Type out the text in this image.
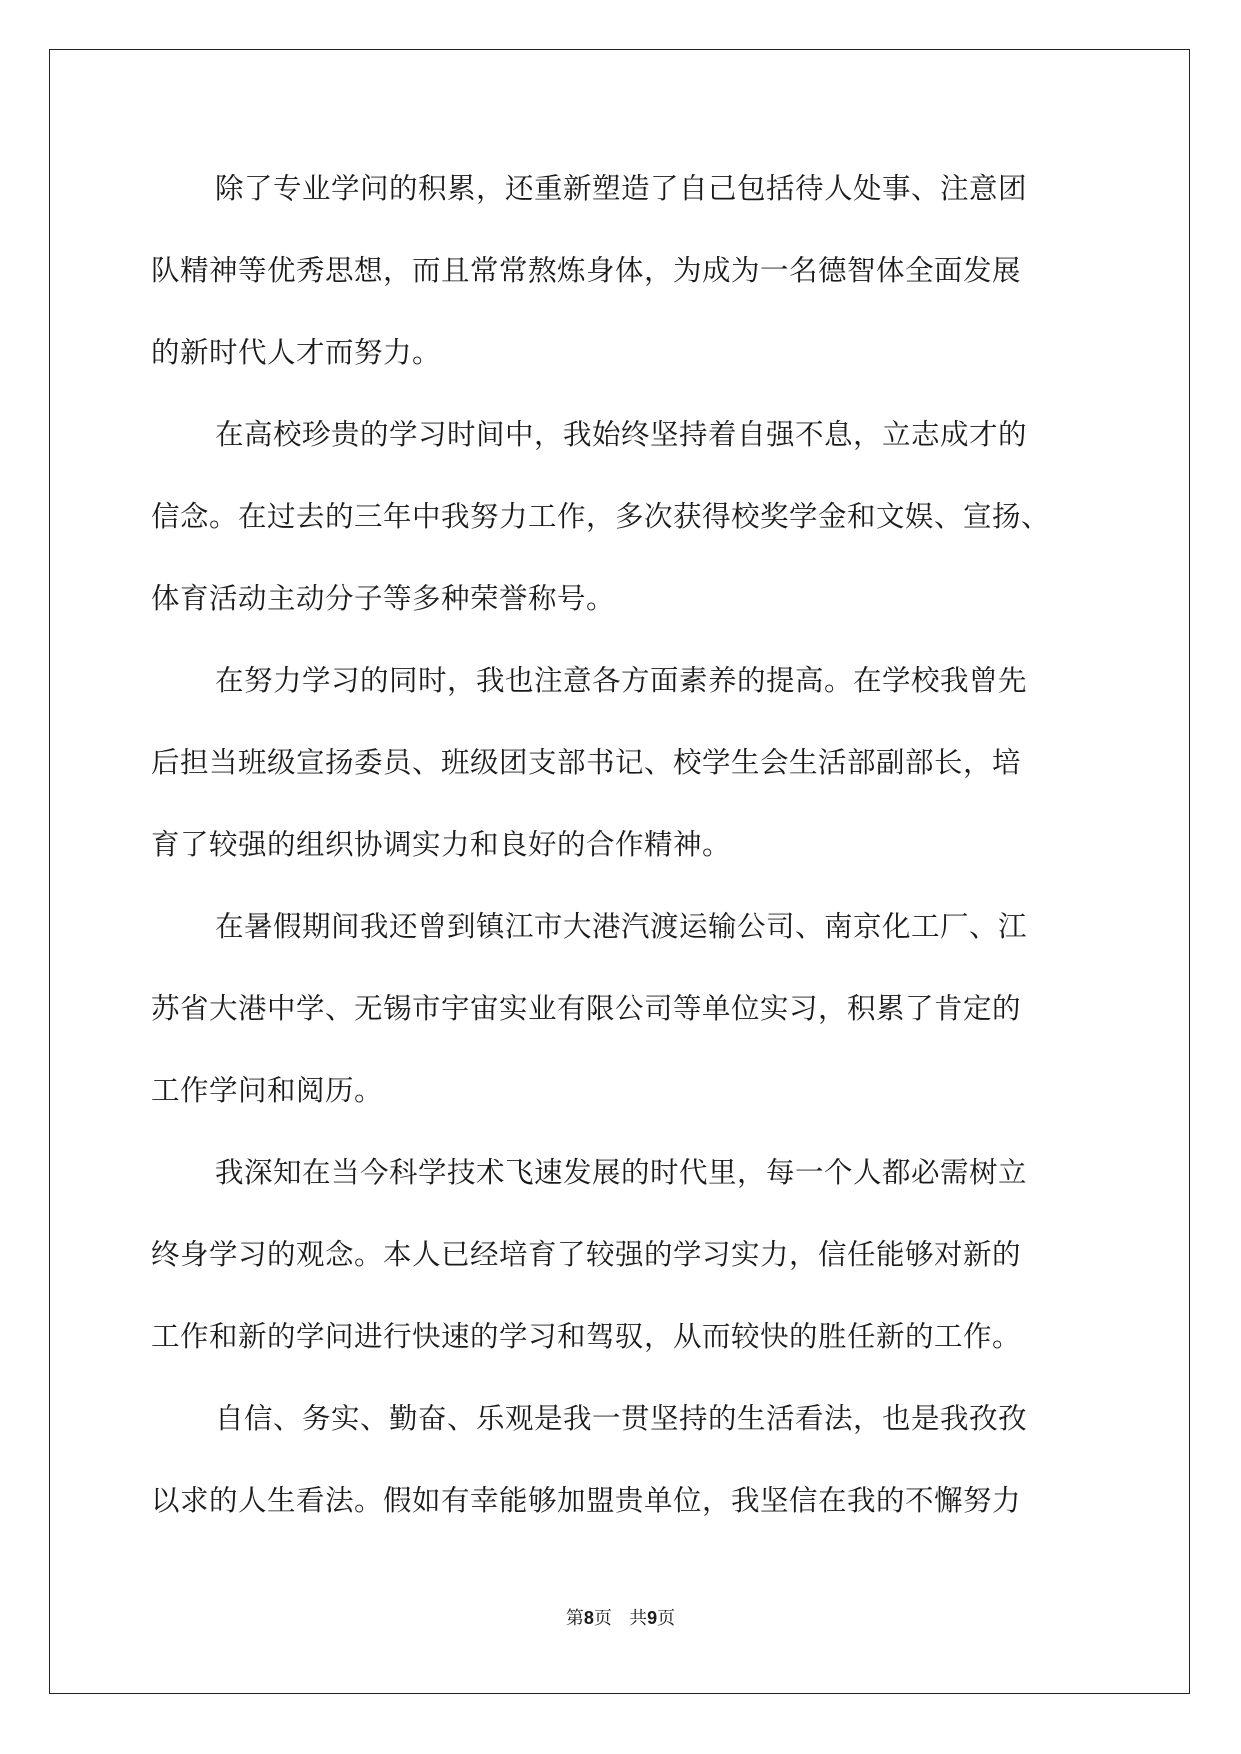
除了专业学问的积累，还重新塑造了自己包括待人处事、注意团
队精神等优秀思想，而且常常熬炼身体，为成为一名德智体全面发展
的新时代人才而努力。
在高校珍贵的学习时间中，我始终坚持着自强不息，立志成才的
信念。在过去的三年中我努力工作，多次获得校奖学金和文娱、宣扬、
体育活动主动分子等多种荣誉称号。
在努力学习的同时，我也注意各方面素养的提高。在学校我曾先
后担当班级宣扬委员、班级团支部书记、校学生会生活部副部长，培
育了较强的组织协调实力和良好的合作精神。
在暑假期间我还曾到镇江市大港汽渡运输公司、南京化工厂、江
苏省大港中学、无锡市宇宙实业有限公司等单位实习，积累了肯定的
工作学问和阅历。
我深知在当今科学技术飞速发展的时代里，每一个人都必需树立
终身学习的观念。本人已经培育了较强的学习实力，信任能够对新的
工作和新的学问进行快速的学习和驾驭，从而较快的胜任新的工作。
自信、务实、勤奋、乐观是我一贯坚持的生活看法，也是我孜孜
以求的人生看法。假如有幸能够加盟贵单位，我坚信在我的不懈努力
第8页 共9页
